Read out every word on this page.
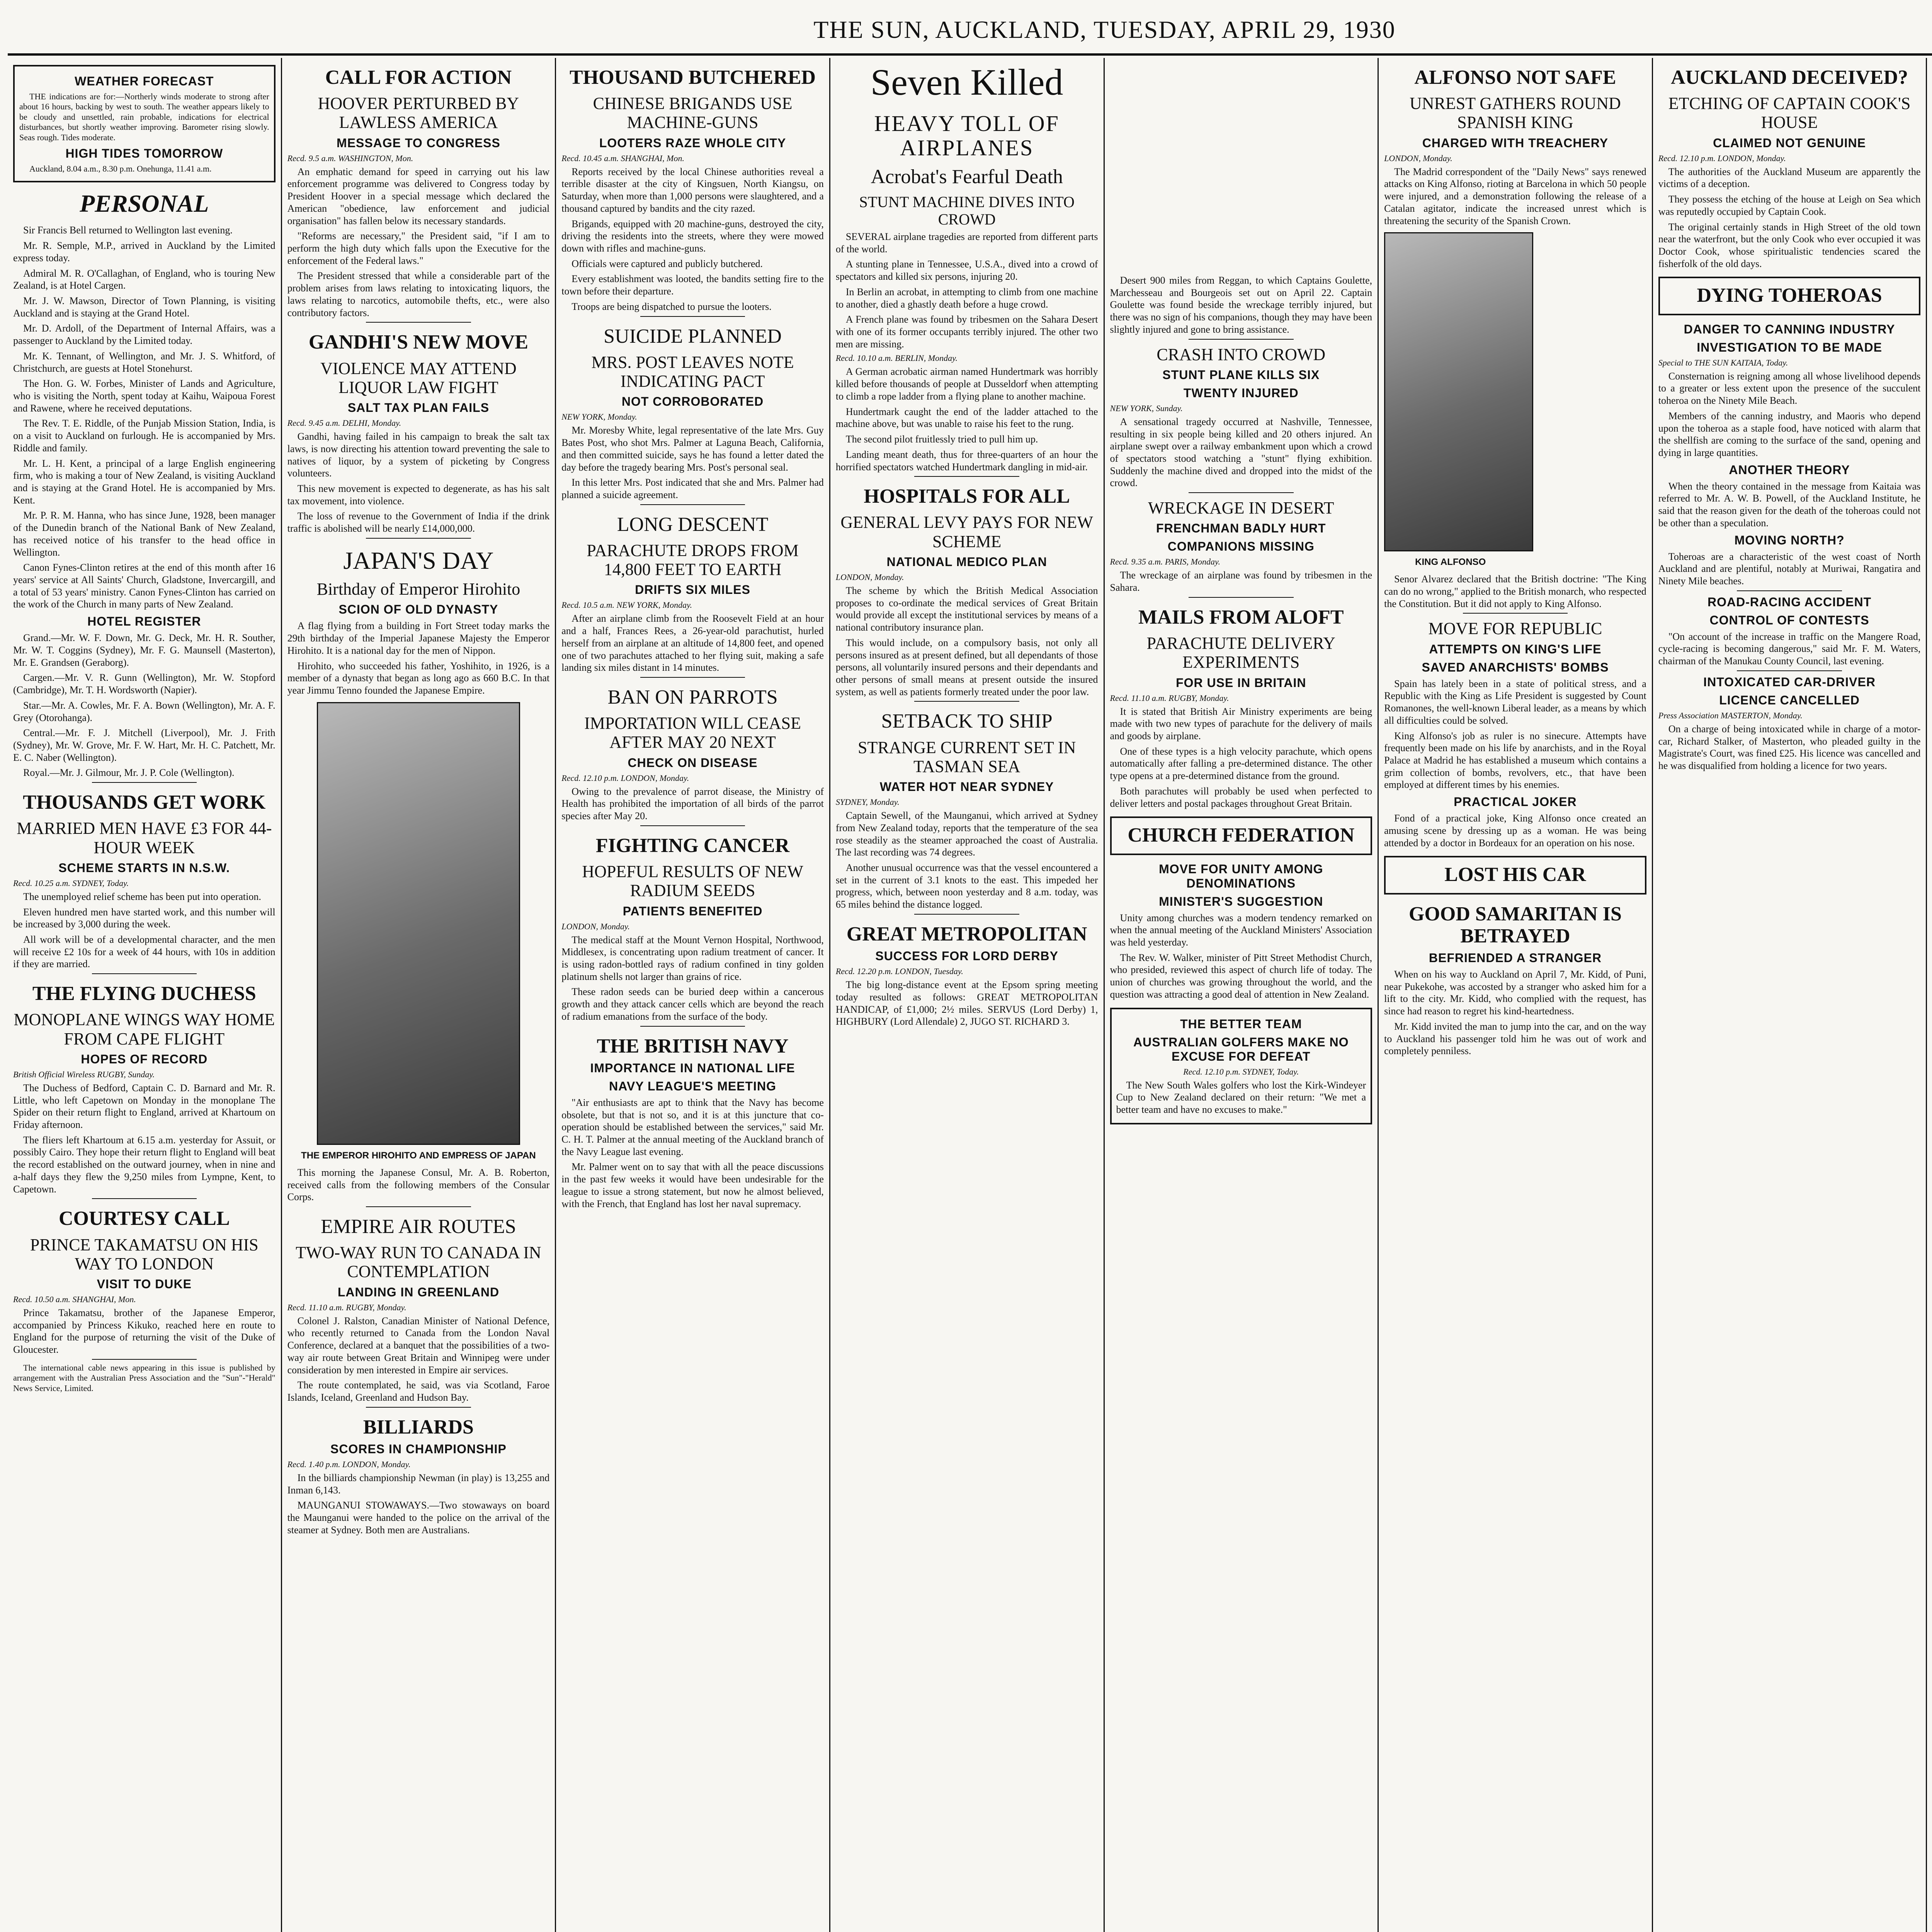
THE SUN, AUCKLAND, TUESDAY, APRIL 29, 1930
WEATHER FORECAST

THE indications are for:—Northerly winds moderate to strong after about 16 hours, backing by west to south. The weather appears likely to be cloudy and unsettled, rain probable, indications for electrical disturbances, but shortly weather improving. Barometer rising slowly. Seas rough. Tides moderate.

HIGH TIDES TOMORROW

Auckland, 8.04 a.m., 8.30 p.m. Onehunga, 11.41 a.m.

PERSONAL

Sir Francis Bell returned to Wellington last evening.

Mr. R. Semple, M.P., arrived in Auckland by the Limited express today.

Admiral M. R. O'Callaghan, of England, who is touring New Zealand, is at Hotel Cargen.

Mr. J. W. Mawson, Director of Town Planning, is visiting Auckland and is staying at the Grand Hotel.

Mr. D. Ardoll, of the Department of Internal Affairs, was a passenger to Auckland by the Limited today.

Mr. K. Tennant, of Wellington, and Mr. J. S. Whitford, of Christchurch, are guests at Hotel Stonehurst.

The Hon. G. W. Forbes, Minister of Lands and Agriculture, who is visiting the North, spent today at Kaihu, Waipoua Forest and Rawene, where he received deputations.

The Rev. T. E. Riddle, of the Punjab Mission Station, India, is on a visit to Auckland on furlough. He is accompanied by Mrs. Riddle and family.

Mr. L. H. Kent, a principal of a large English engineering firm, who is making a tour of New Zealand, is visiting Auckland and is staying at the Grand Hotel. He is accompanied by Mrs. Kent.

Mr. P. R. M. Hanna, who has since June, 1928, been manager of the Dunedin branch of the National Bank of New Zealand, has received notice of his transfer to the head office in Wellington.

Canon Fynes-Clinton retires at the end of this month after 16 years' service at All Saints' Church, Gladstone, Invercargill, and a total of 53 years' ministry. Canon Fynes-Clinton has carried on the work of the Church in many parts of New Zealand.

HOTEL REGISTER

Grand.—Mr. W. F. Down, Mr. G. Deck, Mr. H. R. Souther, Mr. W. T. Coggins (Sydney), Mr. F. G. Maunsell (Masterton), Mr. E. Grandsen (Geraborg).

Cargen.—Mr. V. R. Gunn (Wellington), Mr. W. Stopford (Cambridge), Mr. T. H. Wordsworth (Napier).

Star.—Mr. A. Cowles, Mr. F. A. Bown (Wellington), Mr. A. F. Grey (Otorohanga).

Central.—Mr. F. J. Mitchell (Liverpool), Mr. J. Frith (Sydney), Mr. W. Grove, Mr. F. W. Hart, Mr. H. C. Patchett, Mr. E. C. Naber (Wellington).

Royal.—Mr. J. Gilmour, Mr. J. P. Cole (Wellington).

THOUSANDS GET WORK
MARRIED MEN HAVE £3 FOR 44-HOUR WEEK
SCHEME STARTS IN N.S.W.
Recd. 10.25 a.m. SYDNEY, Today.

The unemployed relief scheme has been put into operation.

Eleven hundred men have started work, and this number will be increased by 3,000 during the week.

All work will be of a developmental character, and the men will receive £2 10s for a week of 44 hours, with 10s in addition if they are married.

THE FLYING DUCHESS
MONOPLANE WINGS WAY HOME FROM CAPE FLIGHT
HOPES OF RECORD
British Official Wireless RUGBY, Sunday.

The Duchess of Bedford, Captain C. D. Barnard and Mr. R. Little, who left Capetown on Monday in the monoplane The Spider on their return flight to England, arrived at Khartoum on Friday afternoon.

The fliers left Khartoum at 6.15 a.m. yesterday for Assuit, or possibly Cairo. They hope their return flight to England will beat the record established on the outward journey, when in nine and a-half days they flew the 9,250 miles from Lympne, Kent, to Capetown.

COURTESY CALL
PRINCE TAKAMATSU ON HIS WAY TO LONDON
VISIT TO DUKE
Recd. 10.50 a.m. SHANGHAI, Mon.

Prince Takamatsu, brother of the Japanese Emperor, accompanied by Princess Kikuko, reached here en route to England for the purpose of returning the visit of the Duke of Gloucester.

The international cable news appearing in this issue is published by arrangement with the Australian Press Association and the "Sun"-"Herald" News Service, Limited.

CALL FOR ACTION
HOOVER PERTURBED BY LAWLESS AMERICA
MESSAGE TO CONGRESS
Recd. 9.5 a.m. WASHINGTON, Mon.

An emphatic demand for speed in carrying out his law enforcement programme was delivered to Congress today by President Hoover in a special message which declared the American "obedience, law enforcement and judicial organisation" has fallen below its necessary standards.

"Reforms are necessary," the President said, "if I am to perform the high duty which falls upon the Executive for the enforcement of the Federal laws."

The President stressed that while a considerable part of the problem arises from laws relating to intoxicating liquors, the laws relating to narcotics, automobile thefts, etc., were also contributory factors.

GANDHI'S NEW MOVE
VIOLENCE MAY ATTEND LIQUOR LAW FIGHT
SALT TAX PLAN FAILS
Recd. 9.45 a.m. DELHI, Monday.

Gandhi, having failed in his campaign to break the salt tax laws, is now directing his attention toward preventing the sale to natives of liquor, by a system of picketing by Congress volunteers.

This new movement is expected to degenerate, as has his salt tax movement, into violence.

The loss of revenue to the Government of India if the drink traffic is abolished will be nearly £14,000,000.

JAPAN'S DAY
Birthday of Emperor Hirohito
SCION OF OLD DYNASTY

A flag flying from a building in Fort Street today marks the 29th birthday of the Imperial Japanese Majesty the Emperor Hirohito. It is a national day for the men of Nippon.

Hirohito, who succeeded his father, Yoshihito, in 1926, is a member of a dynasty that began as long ago as 660 B.C. In that year Jimmu Tenno founded the Japanese Empire.

THE EMPEROR HIROHITO AND EMPRESS OF JAPAN

This morning the Japanese Consul, Mr. A. B. Roberton, received calls from the following members of the Consular Corps.

EMPIRE AIR ROUTES
TWO-WAY RUN TO CANADA IN CONTEMPLATION
LANDING IN GREENLAND
Recd. 11.10 a.m. RUGBY, Monday.

Colonel J. Ralston, Canadian Minister of National Defence, who recently returned to Canada from the London Naval Conference, declared at a banquet that the possibilities of a two-way air route between Great Britain and Winnipeg were under consideration by men interested in Empire air services.

The route contemplated, he said, was via Scotland, Faroe Islands, Iceland, Greenland and Hudson Bay.

BILLIARDS
SCORES IN CHAMPIONSHIP
Recd. 1.40 p.m. LONDON, Monday.

In the billiards championship Newman (in play) is 13,255 and Inman 6,143.

MAUNGANUI STOWAWAYS.—Two stowaways on board the Maunganui were handed to the police on the arrival of the steamer at Sydney. Both men are Australians.

THOUSAND BUTCHERED
CHINESE BRIGANDS USE MACHINE-GUNS
LOOTERS RAZE WHOLE CITY
Recd. 10.45 a.m. SHANGHAI, Mon.

Reports received by the local Chinese authorities reveal a terrible disaster at the city of Kingsuen, North Kiangsu, on Saturday, when more than 1,000 persons were slaughtered, and a thousand captured by bandits and the city razed.

Brigands, equipped with 20 machine-guns, destroyed the city, driving the residents into the streets, where they were mowed down with rifles and machine-guns.

Officials were captured and publicly butchered.

Every establishment was looted, the bandits setting fire to the town before their departure.

Troops are being dispatched to pursue the looters.

SUICIDE PLANNED
MRS. POST LEAVES NOTE INDICATING PACT
NOT CORROBORATED
NEW YORK, Monday.

Mr. Moresby White, legal representative of the late Mrs. Guy Bates Post, who shot Mrs. Palmer at Laguna Beach, California, and then committed suicide, says he has found a letter dated the day before the tragedy bearing Mrs. Post's personal seal.

In this letter Mrs. Post indicated that she and Mrs. Palmer had planned a suicide agreement.

LONG DESCENT
PARACHUTE DROPS FROM 14,800 FEET TO EARTH
DRIFTS SIX MILES
Recd. 10.5 a.m. NEW YORK, Monday.

After an airplane climb from the Roosevelt Field at an hour and a half, Frances Rees, a 26-year-old parachutist, hurled herself from an airplane at an altitude of 14,800 feet, and opened one of two parachutes attached to her flying suit, making a safe landing six miles distant in 14 minutes.

BAN ON PARROTS
IMPORTATION WILL CEASE AFTER MAY 20 NEXT
CHECK ON DISEASE
Recd. 12.10 p.m. LONDON, Monday.

Owing to the prevalence of parrot disease, the Ministry of Health has prohibited the importation of all birds of the parrot species after May 20.

FIGHTING CANCER
HOPEFUL RESULTS OF NEW RADIUM SEEDS
PATIENTS BENEFITED
LONDON, Monday.

The medical staff at the Mount Vernon Hospital, Northwood, Middlesex, is concentrating upon radium treatment of cancer. It is using radon-bottled rays of radium confined in tiny golden platinum shells not larger than grains of rice.

These radon seeds can be buried deep within a cancerous growth and they attack cancer cells which are beyond the reach of radium emanations from the surface of the body.

THE BRITISH NAVY
IMPORTANCE IN NATIONAL LIFE
NAVY LEAGUE'S MEETING

"Air enthusiasts are apt to think that the Navy has become obsolete, but that is not so, and it is at this juncture that co-operation should be established between the services," said Mr. C. H. T. Palmer at the annual meeting of the Auckland branch of the Navy League last evening.

Mr. Palmer went on to say that with all the peace discussions in the past few weeks it would have been undesirable for the league to issue a strong statement, but now he almost believed, with the French, that England has lost her naval supremacy.

Seven Killed
HEAVY TOLL OF AIRPLANES
Acrobat's Fearful Death
STUNT MACHINE DIVES INTO CROWD

SEVERAL airplane tragedies are reported from different parts of the world.

A stunting plane in Tennessee, U.S.A., dived into a crowd of spectators and killed six persons, injuring 20.

In Berlin an acrobat, in attempting to climb from one machine to another, died a ghastly death before a huge crowd.

A French plane was found by tribesmen on the Sahara Desert with one of its former occupants terribly injured. The other two men are missing.

Recd. 10.10 a.m. BERLIN, Monday.

A German acrobatic airman named Hundertmark was horribly killed before thousands of people at Dusseldorf when attempting to climb a rope ladder from a flying plane to another machine.

Hundertmark caught the end of the ladder attached to the machine above, but was unable to raise his feet to the rung.

The second pilot fruitlessly tried to pull him up.

Landing meant death, thus for three-quarters of an hour the horrified spectators watched Hundertmark dangling in mid-air.

HOSPITALS FOR ALL
GENERAL LEVY PAYS FOR NEW SCHEME
NATIONAL MEDICO PLAN
LONDON, Monday.

The scheme by which the British Medical Association proposes to co-ordinate the medical services of Great Britain would provide all except the institutional services by means of a national contributory insurance plan.

This would include, on a compulsory basis, not only all persons insured as at present defined, but all dependants of those persons, all voluntarily insured persons and their dependants and other persons of small means at present outside the insured system, as well as patients formerly treated under the poor law.

SETBACK TO SHIP
STRANGE CURRENT SET IN TASMAN SEA
WATER HOT NEAR SYDNEY
SYDNEY, Monday.

Captain Sewell, of the Maunganui, which arrived at Sydney from New Zealand today, reports that the temperature of the sea rose steadily as the steamer approached the coast of Australia. The last recording was 74 degrees.

Another unusual occurrence was that the vessel encountered a set in the current of 3.1 knots to the east. This impeded her progress, which, between noon yesterday and 8 a.m. today, was 65 miles behind the distance logged.

GREAT METROPOLITAN
SUCCESS FOR LORD DERBY
Recd. 12.20 p.m. LONDON, Tuesday.

The big long-distance event at the Epsom spring meeting today resulted as follows: GREAT METROPOLITAN HANDICAP, of £1,000; 2½ miles. SERVUS (Lord Derby) 1, HIGHBURY (Lord Allendale) 2, JUGO ST. RICHARD 3.

Desert 900 miles from Reggan, to which Captains Goulette, Marchesseau and Bourgeois set out on April 22. Captain Goulette was found beside the wreckage terribly injured, but there was no sign of his companions, though they may have been slightly injured and gone to bring assistance.

CRASH INTO CROWD
STUNT PLANE KILLS SIX
TWENTY INJURED
NEW YORK, Sunday.

A sensational tragedy occurred at Nashville, Tennessee, resulting in six people being killed and 20 others injured. An airplane swept over a railway embankment upon which a crowd of spectators stood watching a "stunt" flying exhibition. Suddenly the machine dived and dropped into the midst of the crowd.

WRECKAGE IN DESERT
FRENCHMAN BADLY HURT
COMPANIONS MISSING
Recd. 9.35 a.m. PARIS, Monday.

The wreckage of an airplane was found by tribesmen in the Sahara.

MAILS FROM ALOFT
PARACHUTE DELIVERY EXPERIMENTS
FOR USE IN BRITAIN
Recd. 11.10 a.m. RUGBY, Monday.

It is stated that British Air Ministry experiments are being made with two new types of parachute for the delivery of mails and goods by airplane.

One of these types is a high velocity parachute, which opens automatically after falling a pre-determined distance. The other type opens at a pre-determined distance from the ground.

Both parachutes will probably be used when perfected to deliver letters and postal packages throughout Great Britain.

CHURCH FEDERATION
MOVE FOR UNITY AMONG DENOMINATIONS
MINISTER'S SUGGESTION

Unity among churches was a modern tendency remarked on when the annual meeting of the Auckland Ministers' Association was held yesterday.

The Rev. W. Walker, minister of Pitt Street Methodist Church, who presided, reviewed this aspect of church life of today. The union of churches was growing throughout the world, and the question was attracting a good deal of attention in New Zealand.

THE BETTER TEAM
AUSTRALIAN GOLFERS MAKE NO EXCUSE FOR DEFEAT
Recd. 12.10 p.m. SYDNEY, Today.

The New South Wales golfers who lost the Kirk-Windeyer Cup to New Zealand declared on their return: "We met a better team and have no excuses to make."

ALFONSO NOT SAFE
UNREST GATHERS ROUND SPANISH KING
CHARGED WITH TREACHERY
LONDON, Monday.

The Madrid correspondent of the "Daily News" says renewed attacks on King Alfonso, rioting at Barcelona in which 50 people were injured, and a demonstration following the release of a Catalan agitator, indicate the increased unrest which is threatening the security of the Spanish Crown.

KING ALFONSO

Senor Alvarez declared that the British doctrine: "The King can do no wrong," applied to the British monarch, who respected the Constitution. But it did not apply to King Alfonso.

MOVE FOR REPUBLIC
ATTEMPTS ON KING'S LIFE
SAVED ANARCHISTS' BOMBS

Spain has lately been in a state of political stress, and a Republic with the King as Life President is suggested by Count Romanones, the well-known Liberal leader, as a means by which all difficulties could be solved.

King Alfonso's job as ruler is no sinecure. Attempts have frequently been made on his life by anarchists, and in the Royal Palace at Madrid he has established a museum which contains a grim collection of bombs, revolvers, etc., that have been employed at different times by his enemies.

PRACTICAL JOKER

Fond of a practical joke, King Alfonso once created an amusing scene by dressing up as a woman. He was being attended by a doctor in Bordeaux for an operation on his nose.

LOST HIS CAR
GOOD SAMARITAN IS BETRAYED
BEFRIENDED A STRANGER

When on his way to Auckland on April 7, Mr. Kidd, of Puni, near Pukekohe, was accosted by a stranger who asked him for a lift to the city. Mr. Kidd, who complied with the request, has since had reason to regret his kind-heartedness.

Mr. Kidd invited the man to jump into the car, and on the way to Auckland his passenger told him he was out of work and completely penniless.

AUCKLAND DECEIVED?
ETCHING OF CAPTAIN COOK'S HOUSE
CLAIMED NOT GENUINE
Recd. 12.10 p.m. LONDON, Monday.

The authorities of the Auckland Museum are apparently the victims of a deception.

They possess the etching of the house at Leigh on Sea which was reputedly occupied by Captain Cook.

The original certainly stands in High Street of the old town near the waterfront, but the only Cook who ever occupied it was Doctor Cook, whose spiritualistic tendencies scared the fisherfolk of the old days.

DYING TOHEROAS
DANGER TO CANNING INDUSTRY
INVESTIGATION TO BE MADE
Special to THE SUN KAITAIA, Today.

Consternation is reigning among all whose livelihood depends to a greater or less extent upon the presence of the succulent toheroa on the Ninety Mile Beach.

Members of the canning industry, and Maoris who depend upon the toheroa as a staple food, have noticed with alarm that the shellfish are coming to the surface of the sand, opening and dying in large quantities.

ANOTHER THEORY

When the theory contained in the message from Kaitaia was referred to Mr. A. W. B. Powell, of the Auckland Institute, he said that the reason given for the death of the toheroas could not be other than a speculation.

MOVING NORTH?

Toheroas are a characteristic of the west coast of North Auckland and are plentiful, notably at Muriwai, Rangatira and Ninety Mile beaches.

ROAD-RACING ACCIDENT
CONTROL OF CONTESTS

"On account of the increase in traffic on the Mangere Road, cycle-racing is becoming dangerous," said Mr. F. M. Waters, chairman of the Manukau County Council, last evening.

INTOXICATED CAR-DRIVER
LICENCE CANCELLED
Press Association MASTERTON, Monday.

On a charge of being intoxicated while in charge of a motor-car, Richard Stalker, of Masterton, who pleaded guilty in the Magistrate's Court, was fined £25. His licence was cancelled and he was disqualified from holding a licence for two years.
